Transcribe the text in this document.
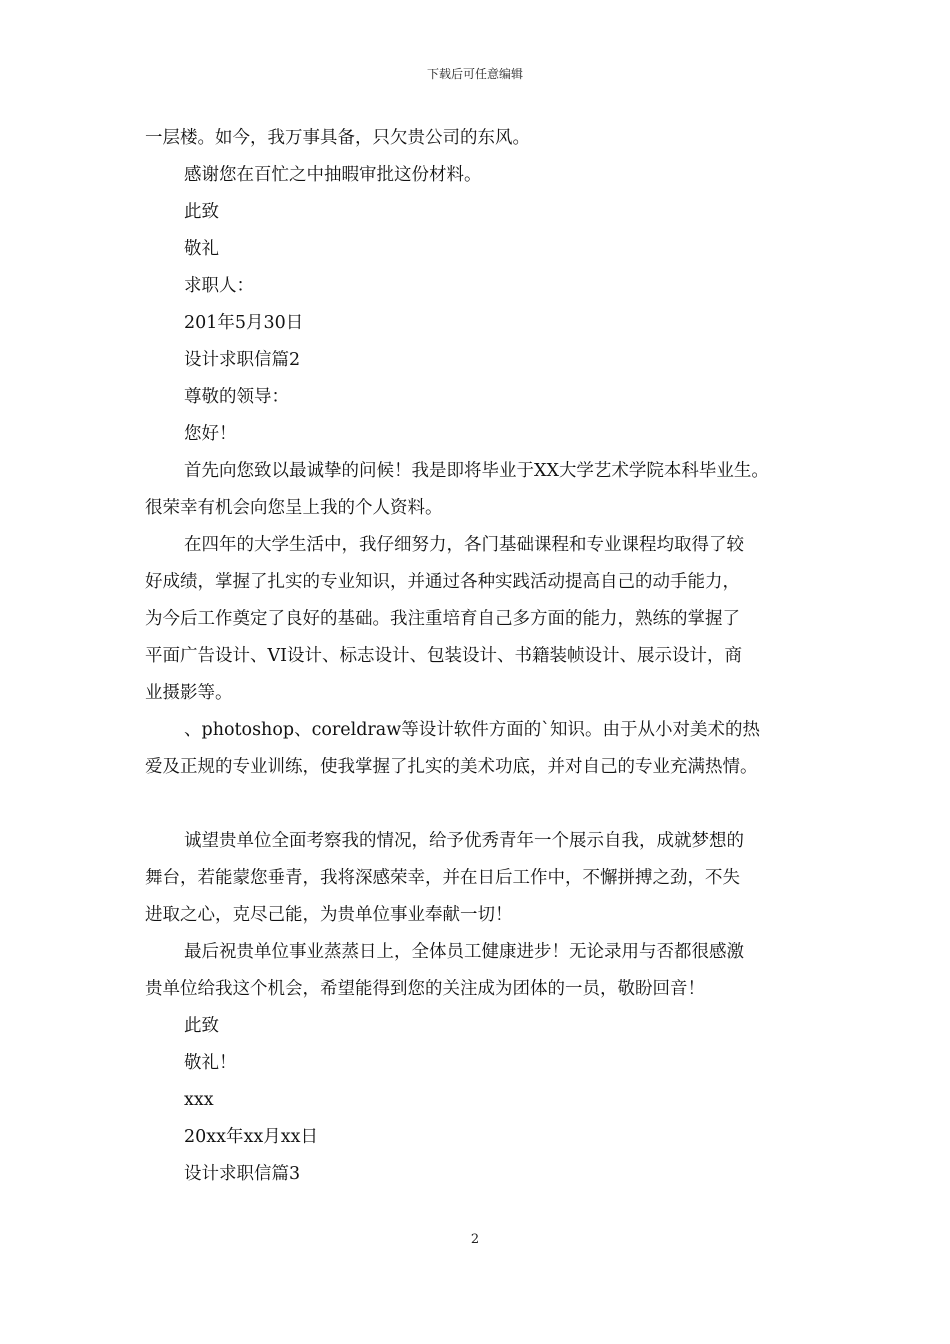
下载后可任意编辑
一层楼。如今，我万事具备，只欠贵公司的东风。
感谢您在百忙之中抽暇审批这份材料。
此致
敬礼
求职人：
201年5月30日
设计求职信篇2
尊敬的领导：
您好！
首先向您致以最诚挚的问候！我是即将毕业于XX大学艺术学院本科毕业生。
很荣幸有机会向您呈上我的个人资料。
在四年的大学生活中，我仔细努力，各门基础课程和专业课程均取得了较
好成绩，掌握了扎实的专业知识，并通过各种实践活动提高自己的动手能力，
为今后工作奠定了良好的基础。我注重培育自己多方面的能力，熟练的掌握了
平面广告设计、VI设计、标志设计、包装设计、书籍装帧设计、展示设计，商
业摄影等。
、photoshop、coreldraw等设计软件方面的`知识。由于从小对美术的热
爱及正规的专业训练，使我掌握了扎实的美术功底，并对自己的专业充满热情。
诚望贵单位全面考察我的情况，给予优秀青年一个展示自我，成就梦想的
舞台，若能蒙您垂青，我将深感荣幸，并在日后工作中，不懈拼搏之劲，不失
进取之心，克尽己能，为贵单位事业奉献一切！
最后祝贵单位事业蒸蒸日上，全体员工健康进步！无论录用与否都很感激
贵单位给我这个机会，希望能得到您的关注成为团体的一员，敬盼回音！
此致
敬礼！
xxx
20xx年xx月xx日
设计求职信篇3
2
